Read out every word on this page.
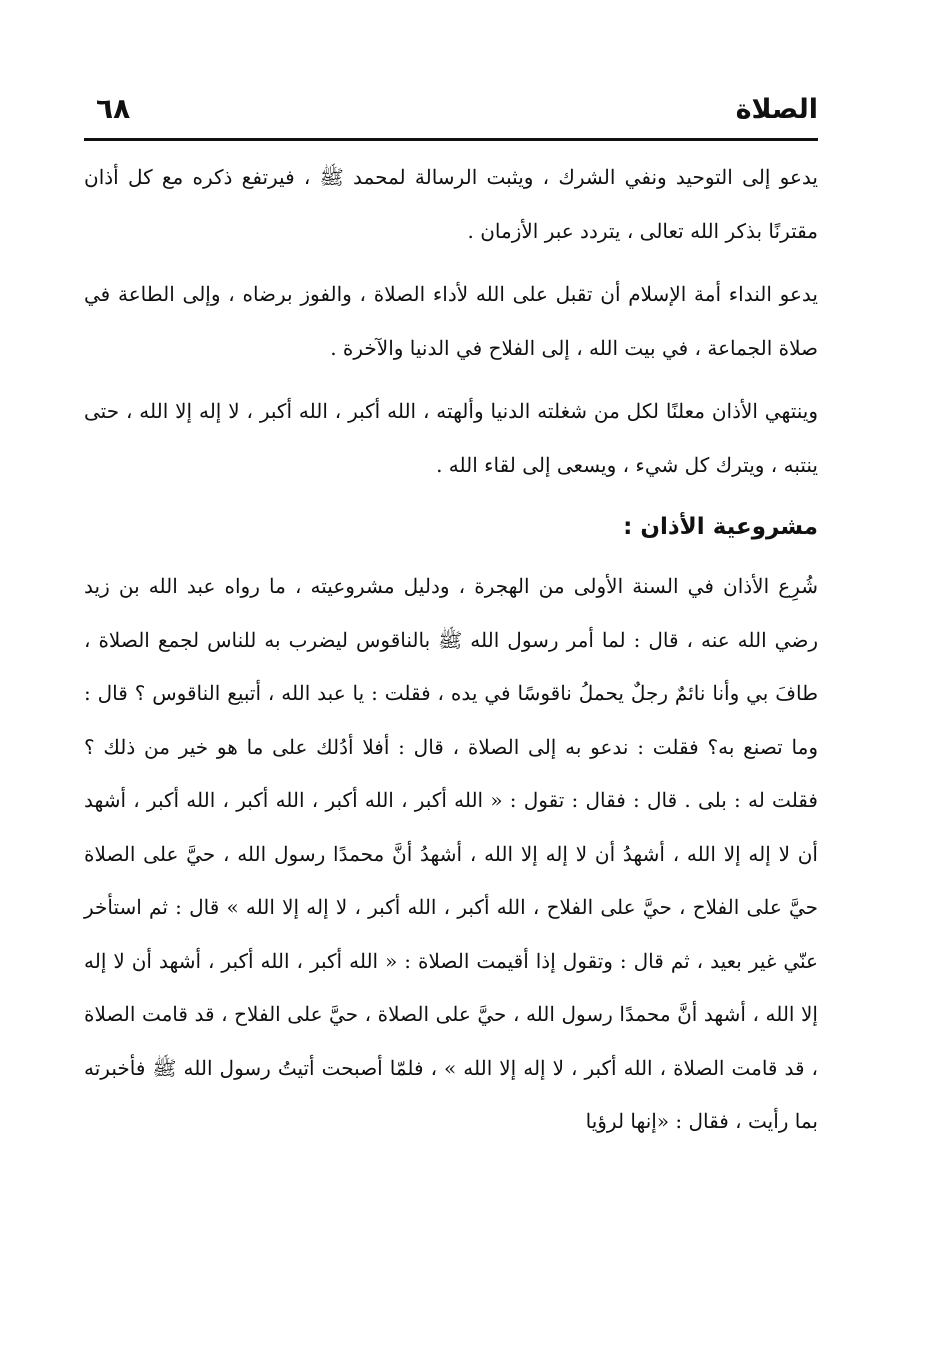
الصلاة
٦٨

يدعو إلى التوحيد ونفي الشرك ، ويثبت الرسالة لمحمد ﷺ ، فيرتفع ذكره مع كل أذان مقترنًا بذكر الله تعالى ، يتردد عبر الأزمان .

يدعو النداء أمة الإسلام أن تقبل على الله لأداء الصلاة ، والفوز برضاه ، وإلى الطاعة في صلاة الجماعة ، في بيت الله ، إلى الفلاح في الدنيا والآخرة .

وينتهي الأذان معلنًا لكل من شغلته الدنيا وألهته ، الله أكبر ، الله أكبر ، لا إله إلا الله ، حتى ينتبه ، ويترك كل شيء ، ويسعى إلى لقاء الله .

مشروعية الأذان :

شُرِع الأذان في السنة الأولى من الهجرة ، ودليل مشروعيته ، ما رواه عبد الله بن زيد رضي الله عنه ، قال : لما أمر رسول الله ﷺ بالناقوس ليضرب به للناس لجمع الصلاة ، طافَ بي وأنا نائمٌ رجلٌ يحملُ ناقوسًا في يده ، فقلت : يا عبد الله ، أتبيع الناقوس ؟ قال : وما تصنع به؟ فقلت : ندعو به إلى الصلاة ، قال : أفلا أدُلك على ما هو خير من ذلك ؟ فقلت له : بلى . قال : فقال : تقول : « الله أكبر ، الله أكبر ، الله أكبر ، الله أكبر ، أشهد أن لا إله إلا الله ، أشهدُ أن لا إله إلا الله ، أشهدُ أنَّ محمدًا رسول الله ، حيَّ على الصلاة حيَّ على الفلاح ، حيَّ على الفلاح ، الله أكبر ، الله أكبر ، لا إله إلا الله » قال : ثم استأخر عنّي غير بعيد ، ثم قال : وتقول إذا أقيمت الصلاة : « الله أكبر ، الله أكبر ، أشهد أن لا إله إلا الله ، أشهد أنَّ محمدًا رسول الله ، حيَّ على الصلاة ، حيَّ على الفلاح ، قد قامت الصلاة ، قد قامت الصلاة ، الله أكبر ، لا إله إلا الله » ، فلمّا أصبحت أتيتُ رسول الله ﷺ فأخبرته بما رأيت ، فقال : «إنها لرؤيا
